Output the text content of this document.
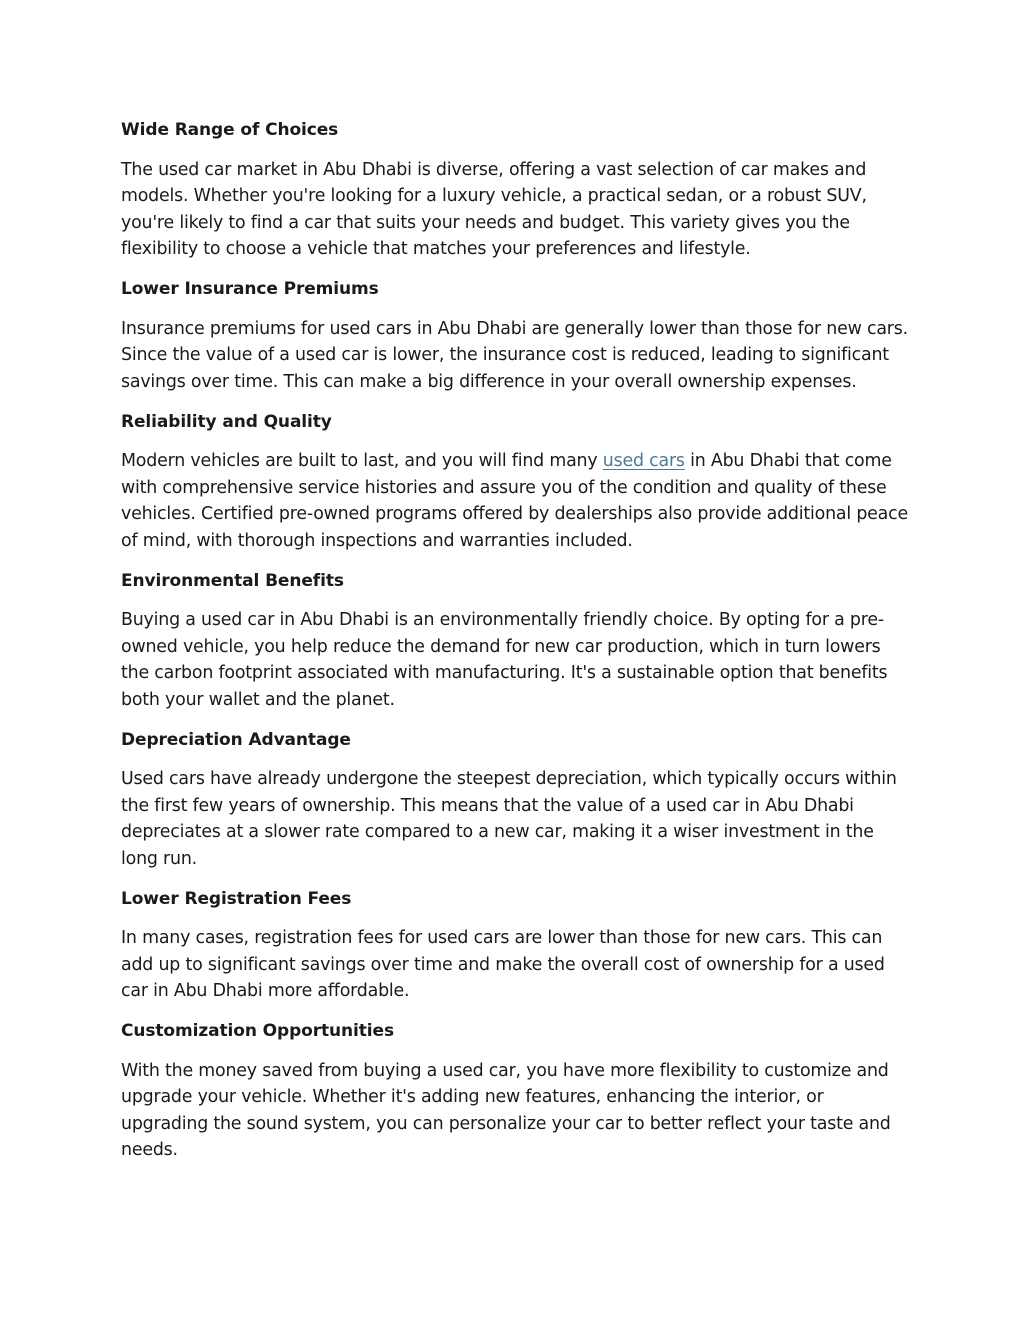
Wide Range of Choices

The used car market in Abu Dhabi is diverse, offering a vast selection of car makes and models. Whether you're looking for a luxury vehicle, a practical sedan, or a robust SUV, you're likely to find a car that suits your needs and budget. This variety gives you the flexibility to choose a vehicle that matches your preferences and lifestyle.

Lower Insurance Premiums

Insurance premiums for used cars in Abu Dhabi are generally lower than those for new cars. Since the value of a used car is lower, the insurance cost is reduced, leading to significant savings over time. This can make a big difference in your overall ownership expenses.

Reliability and Quality

Modern vehicles are built to last, and you will find many used cars in Abu Dhabi that come with comprehensive service histories and assure you of the condition and quality of these vehicles. Certified pre-owned programs offered by dealerships also provide additional peace of mind, with thorough inspections and warranties included.

Environmental Benefits

Buying a used car in Abu Dhabi is an environmentally friendly choice. By opting for a pre-owned vehicle, you help reduce the demand for new car production, which in turn lowers the carbon footprint associated with manufacturing. It's a sustainable option that benefits both your wallet and the planet.

Depreciation Advantage

Used cars have already undergone the steepest depreciation, which typically occurs within the first few years of ownership. This means that the value of a used car in Abu Dhabi depreciates at a slower rate compared to a new car, making it a wiser investment in the long run.

Lower Registration Fees

In many cases, registration fees for used cars are lower than those for new cars. This can add up to significant savings over time and make the overall cost of ownership for a used car in Abu Dhabi more affordable.

Customization Opportunities

With the money saved from buying a used car, you have more flexibility to customize and upgrade your vehicle. Whether it's adding new features, enhancing the interior, or upgrading the sound system, you can personalize your car to better reflect your taste and needs.
